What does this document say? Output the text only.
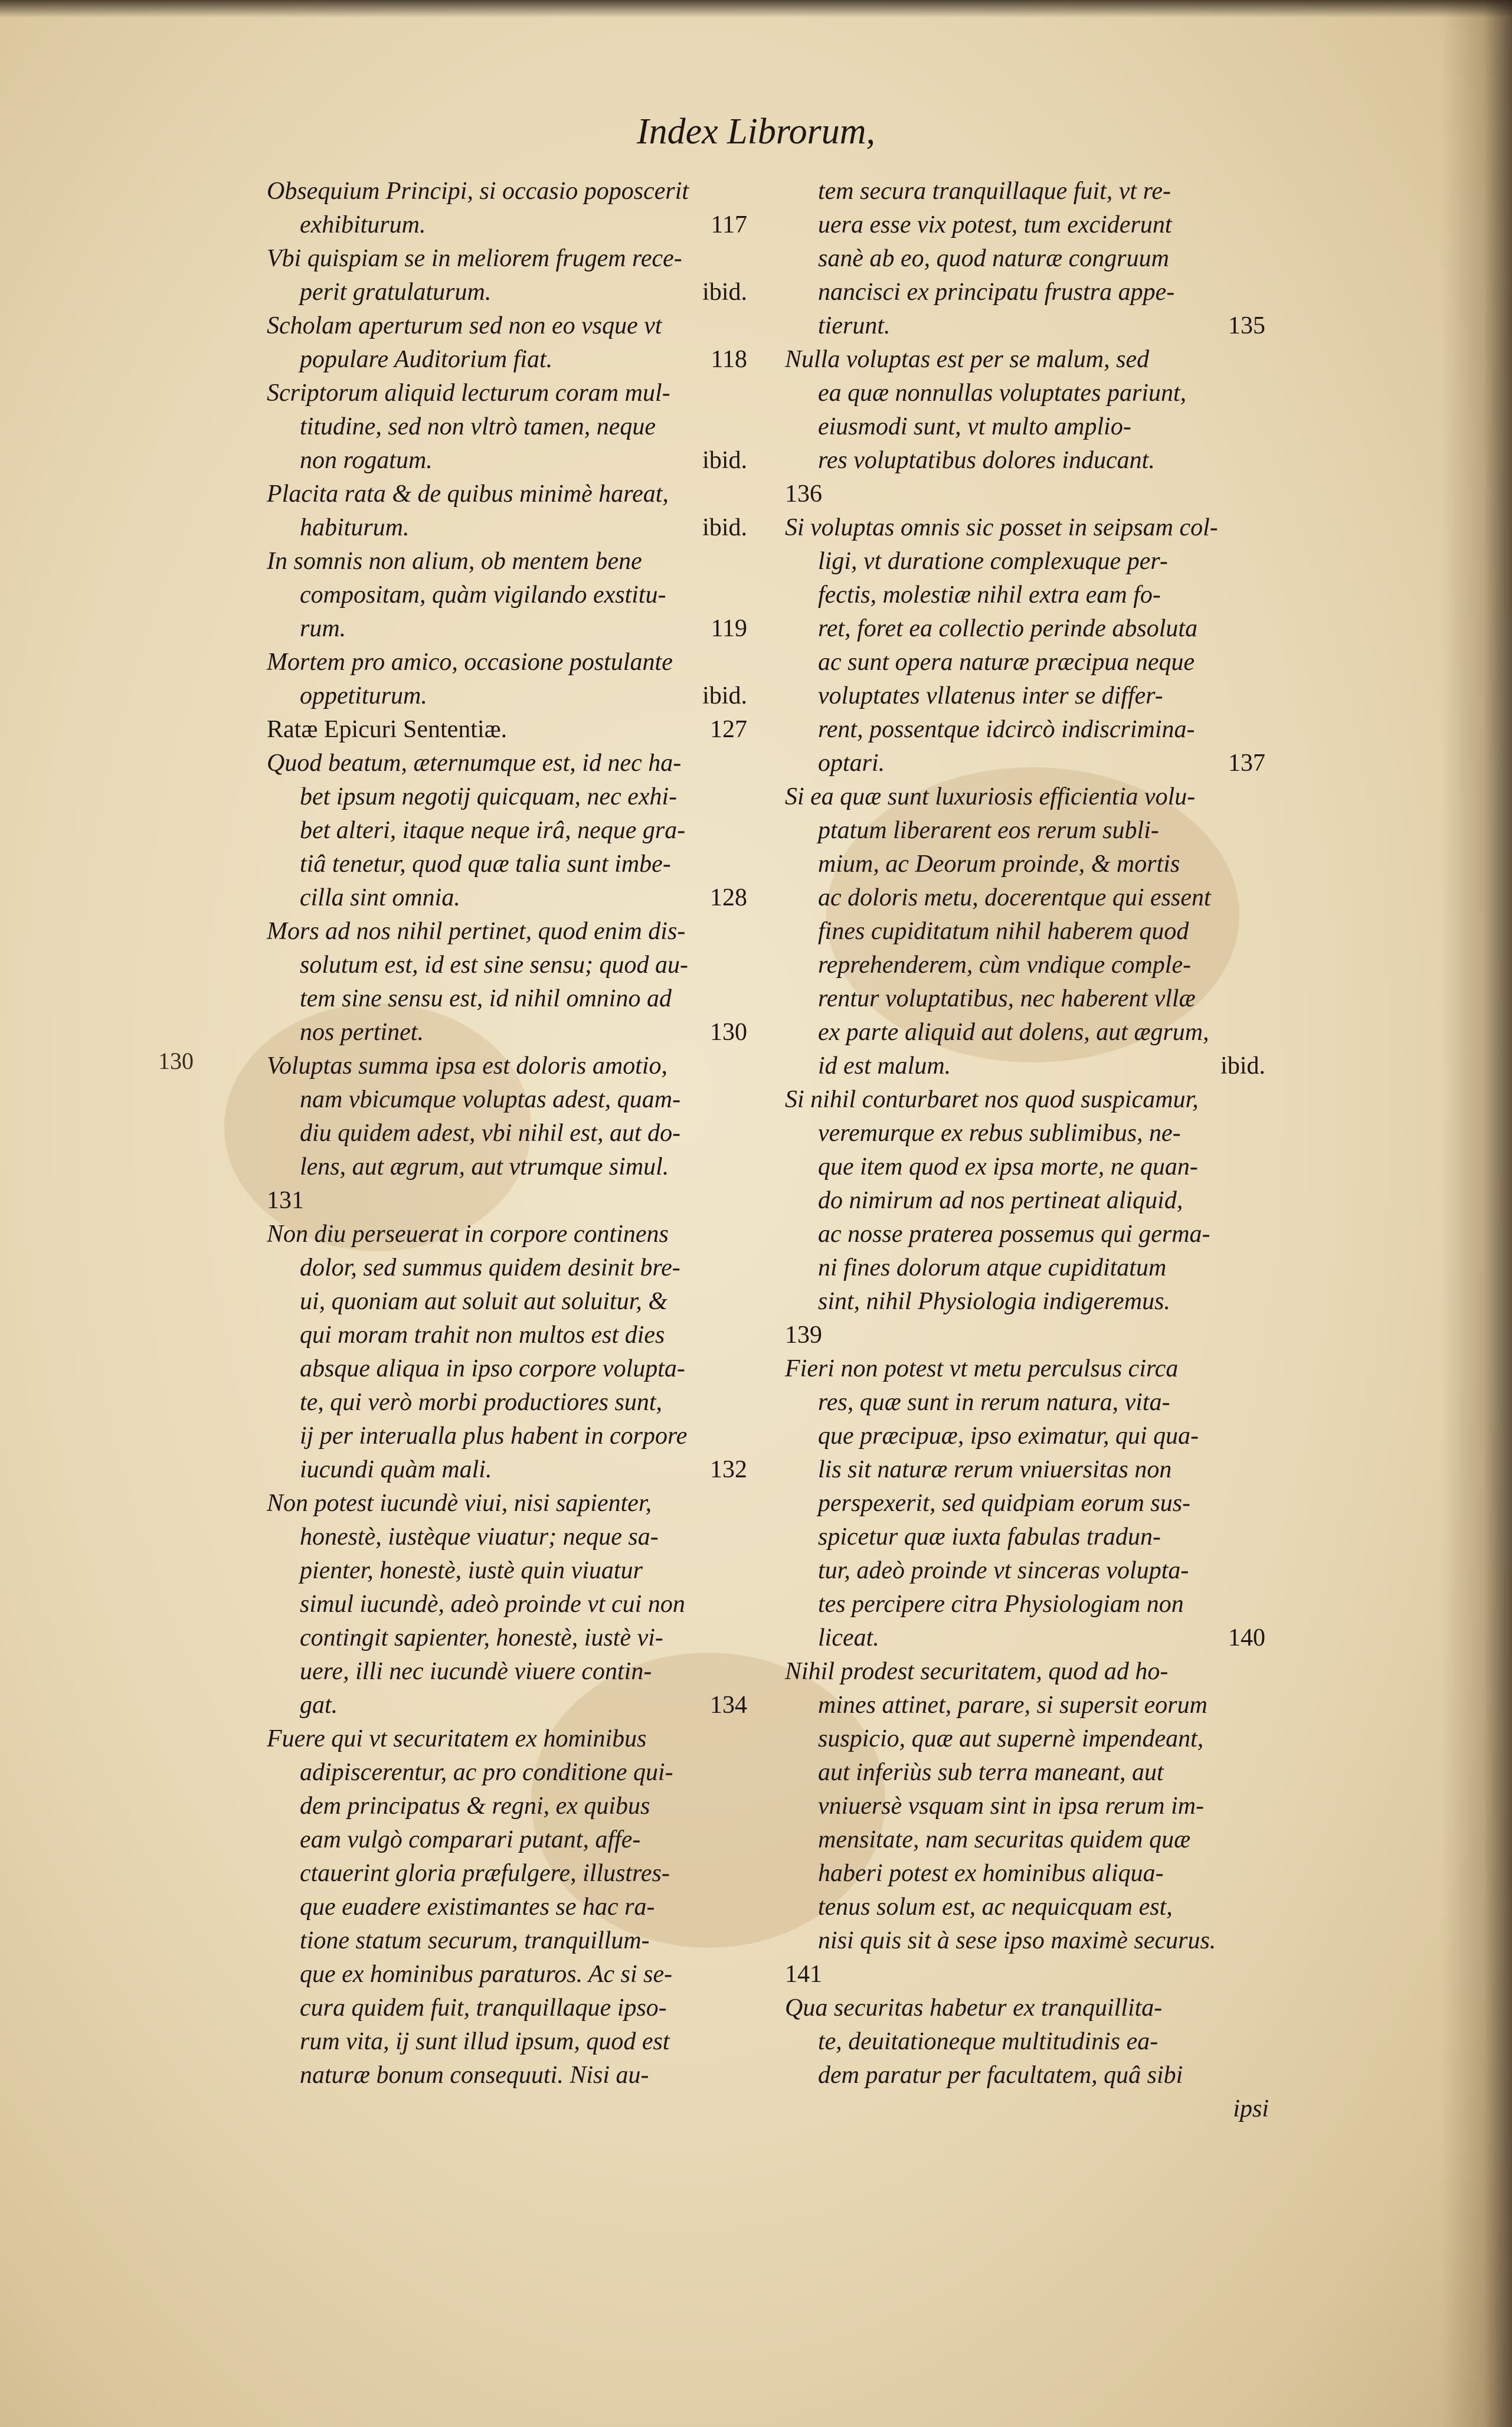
Index Librorum,
Obsequium Principi, si occasio poposcerit
exhibiturum.	117
Vbi quispiam se in meliorem frugem rece-
perit gratulaturum.	ibid.
Scholam aperturum sed non eo vsque vt
populare Auditorium fiat.	118
Scriptorum aliquid lecturum coram mul-
titudine, sed non vltrò tamen, neque
non rogatum.	ibid.
Placita rata & de quibus minimè hareat,
habiturum.	ibid.
In somnis non alium, ob mentem bene
compositam, quàm vigilando exstitu-
rum.	119
Mortem pro amico, occasione postulante
oppetiturum.	ibid.
Ratæ Epicuri Sententiæ.	127
Quod beatum, æternumque est, id nec ha-
bet ipsum negotij quicquam, nec exhi-
bet alteri, itaque neque irâ, neque gra-
tiâ tenetur, quod quæ talia sunt imbe-
cilla sint omnia.	128
Mors ad nos nihil pertinet, quod enim dis-
solutum est, id est sine sensu; quod au-
tem sine sensu est, id nihil omnino ad
nos pertinet.	130
Voluptas summa ipsa est doloris amotio,
nam vbicumque voluptas adest, quam-
diu quidem adest, vbi nihil est, aut do-
lens, aut ægrum, aut vtrumque simul.
131
Non diu perseuerat in corpore continens
dolor, sed summus quidem desinit bre-
ui, quoniam aut soluit aut soluitur, &
qui moram trahit non multos est dies
absque aliqua in ipso corpore volupta-
te, qui verò morbi productiores sunt,
ij per interualla plus habent in corpore
iucundi quàm mali.	132
Non potest iucundè viui, nisi sapienter,
honestè, iustèque viuatur; neque sa-
pienter, honestè, iustè quin viuatur
simul iucundè, adeò proinde vt cui non
contingit sapienter, honestè, iustè vi-
uere, illi nec iucundè viuere contin-
gat.	134
Fuere qui vt securitatem ex hominibus
adipiscerentur, ac pro conditione qui-
dem principatus & regni, ex quibus
eam vulgò comparari putant, affe-
ctauerint gloria præfulgere, illustres-
que euadere existimantes se hac ra-
tione statum securum, tranquillum-
que ex hominibus paraturos. Ac si se-
cura quidem fuit, tranquillaque ipso-
rum vita, ij sunt illud ipsum, quod est
naturæ bonum consequuti. Nisi au-
tem secura tranquillaque fuit, vt re-
uera esse vix potest, tum exciderunt
sanè ab eo, quod naturæ congruum
nancisci ex principatu frustra appe-
tierunt.	135
Nulla voluptas est per se malum, sed
ea quæ nonnullas voluptates pariunt,
eiusmodi sunt, vt multo amplio-
res voluptatibus dolores inducant.
136
Si voluptas omnis sic posset in seipsam col-
ligi, vt duratione complexuque per-
fectis, molestiæ nihil extra eam fo-
ret, foret ea collectio perinde absoluta
ac sunt opera naturæ præcipua neque
voluptates vllatenus inter se differ-
rent, possentque idcircò indiscrimina-
optari.	137
Si ea quæ sunt luxuriosis efficientia volu-
ptatum liberarent eos rerum subli-
mium, ac Deorum proinde, & mortis
ac doloris metu, docerentque qui essent
fines cupiditatum nihil haberem quod
reprehenderem, cùm vndique comple-
rentur voluptatibus, nec haberent vllæ
ex parte aliquid aut dolens, aut ægrum,
id est malum.	ibid.
Si nihil conturbaret nos quod suspicamur,
veremurque ex rebus sublimibus, ne-
que item quod ex ipsa morte, ne quan-
do nimirum ad nos pertineat aliquid,
ac nosse praterea possemus qui germa-
ni fines dolorum atque cupiditatum
sint, nihil Physiologia indigeremus.
139
Fieri non potest vt metu perculsus circa
res, quæ sunt in rerum natura, vita-
que præcipuæ, ipso eximatur, qui qua-
lis sit naturæ rerum vniuersitas non
perspexerit, sed quidpiam eorum sus-
spicetur quæ iuxta fabulas tradun-
tur, adeò proinde vt sinceras volupta-
tes percipere citra Physiologiam non
liceat.	140
Nihil prodest securitatem, quod ad ho-
mines attinet, parare, si supersit eorum
suspicio, quæ aut supernè impendeant,
aut inferiùs sub terra maneant, aut
vniuersè vsquam sint in ipsa rerum im-
mensitate, nam securitas quidem quæ
haberi potest ex hominibus aliqua-
tenus solum est, ac nequicquam est,
nisi quis sit à sese ipso maximè securus.
141
Qua securitas habetur ex tranquillita-
te, deuitationeque multitudinis ea-
dem paratur per facultatem, quâ sibi
ipsi
130
